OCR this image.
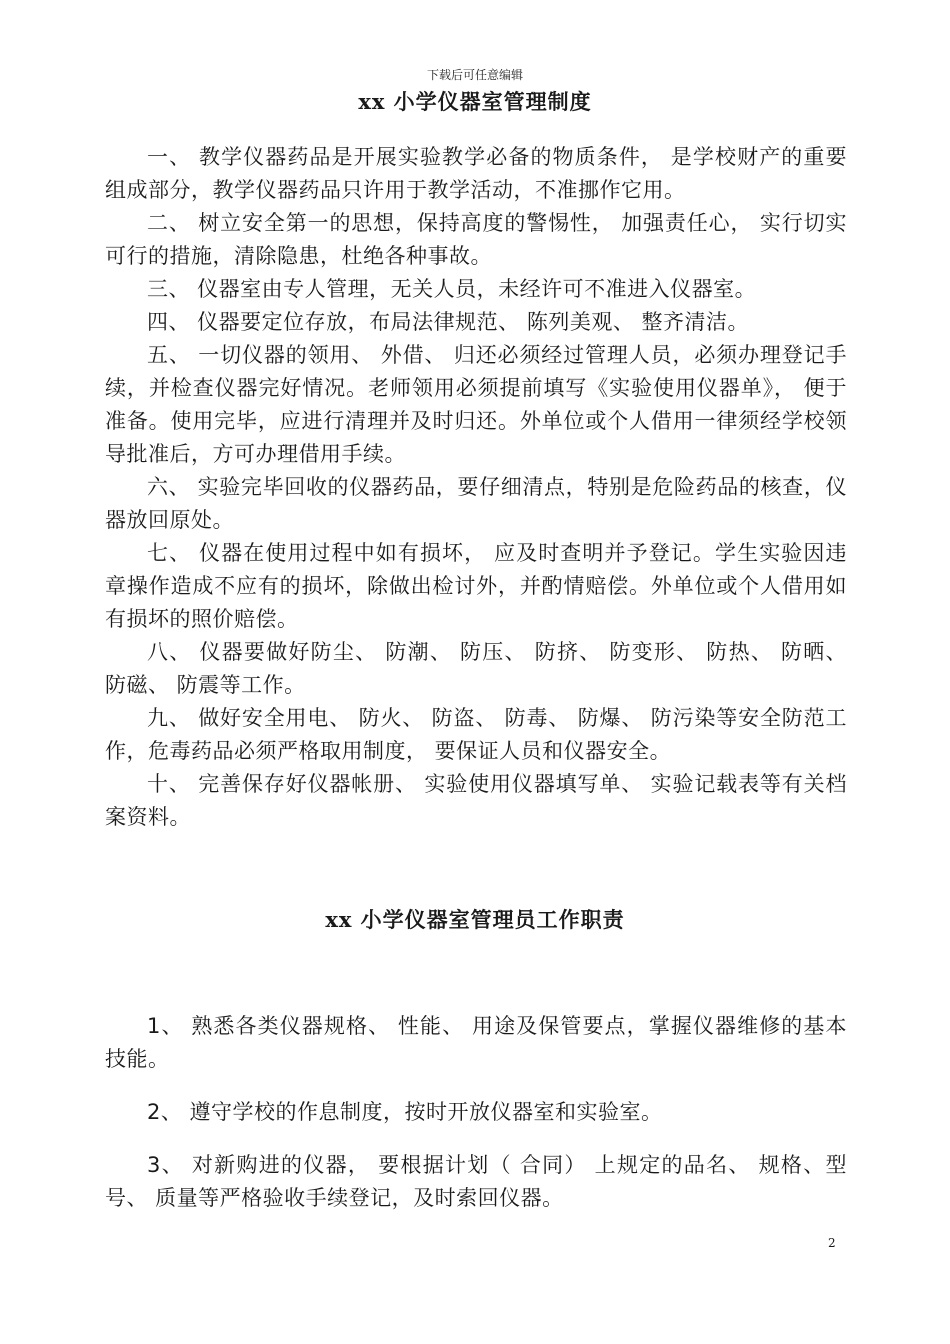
下载后可任意编辑
xx 小学仪器室管理制度

一、 教学仪器药品是开展实验教学必备的物质条件， 是学校财产的重要组成部分，教学仪器药品只许用于教学活动，不准挪作它用。

二、 树立安全第一的思想，保持高度的警惕性， 加强责任心， 实行切实可行的措施，清除隐患，杜绝各种事故。

三、 仪器室由专人管理，无关人员，未经许可不准进入仪器室。

四、 仪器要定位存放，布局法律规范、 陈列美观、 整齐清洁。

五、 一切仪器的领用、 外借、 归还必须经过管理人员，必须办理登记手续，并检查仪器完好情况。老师领用必须提前填写《实验使用仪器单》， 便于准备。使用完毕，应进行清理并及时归还。外单位或个人借用一律须经学校领导批准后，方可办理借用手续。

六、 实验完毕回收的仪器药品，要仔细清点，特别是危险药品的核查，仪器放回原处。

七、 仪器在使用过程中如有损坏， 应及时查明并予登记。学生实验因违章操作造成不应有的损坏，除做出检讨外，并酌情赔偿。外单位或个人借用如有损坏的照价赔偿。

八、 仪器要做好防尘、 防潮、 防压、 防挤、 防变形、 防热、 防晒、 防磁、 防震等工作。

九、 做好安全用电、 防火、 防盗、 防毒、 防爆、 防污染等安全防范工作，危毒药品必须严格取用制度， 要保证人员和仪器安全。

十、 完善保存好仪器帐册、 实验使用仪器填写单、 实验记载表等有关档案资料。

xx 小学仪器室管理员工作职责

1、 熟悉各类仪器规格、 性能、 用途及保管要点，掌握仪器维修的基本技能。

2、 遵守学校的作息制度，按时开放仪器室和实验室。

3、 对新购进的仪器， 要根据计划（ 合同） 上规定的品名、 规格、型号、 质量等严格验收手续登记，及时索回仪器。

2
